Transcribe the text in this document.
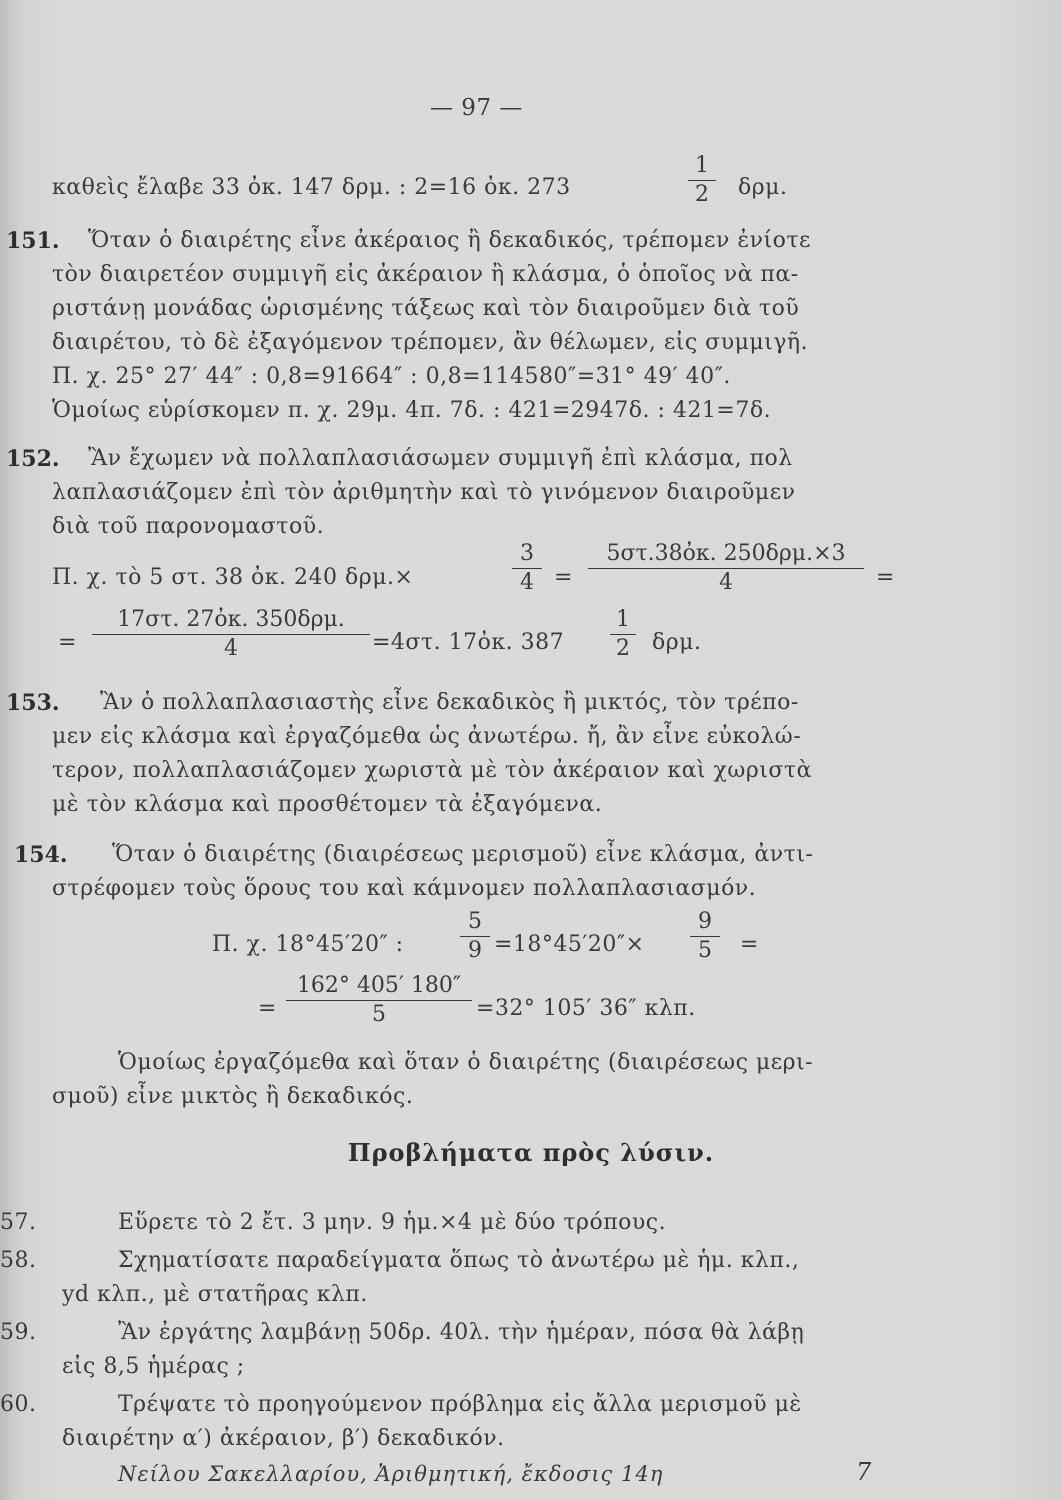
— 97 —
καθεὶς ἔλαβε 33 ὀκ. 147 δρμ. : 2=16 ὀκ. 273
1
2	δρμ.
151. Ὅταν ὁ διαιρέτης εἶνε ἀκέραιος ἢ δεκαδικός, τρέπομεν ἐνίοτε
τὸν διαιρετέον συμμιγῆ εἰς ἀκέραιον ἢ κλάσμα, ὁ ὁποῖος νὰ πα-
ριστάνῃ μονάδας ὡρισμένης τάξεως καὶ τὸν διαιροῦμεν διὰ τοῦ
διαιρέτου, τὸ δὲ ἐξαγόμενον τρέπομεν, ἂν θέλωμεν, εἰς συμμιγῆ.
Π. χ. 25° 27′ 44″ : 0,8=91664″ : 0,8=114580″=31° 49′ 40″.
Ὁμοίως εὑρίσκομεν π. χ. 29μ. 4π. 7δ. : 421=2947δ. : 421=7δ.
152. Ἂν ἔχωμεν νὰ πολλαπλασιάσωμεν συμμιγῆ ἐπὶ κλάσμα, πολ
λαπλασιάζομεν ἐπὶ τὸν ἀριθμητὴν καὶ τὸ γινόμενον διαιροῦμεν
διὰ τοῦ παρονομαστοῦ.
Π. χ. τὸ 5 στ. 38 ὀκ. 240 δρμ.×
3
4 =
5στ.38ὀκ. 250δρμ.×3
4	=
=
17στ. 27ὀκ. 350δρμ.
4	=4στ. 17ὀκ. 387
1
2 δρμ.
153. Ἂν ὁ πολλαπλασιαστὴς εἶνε δεκαδικὸς ἢ μικτός, τὸν τρέπο-
μεν εἰς κλάσμα καὶ ἐργαζόμεθα ὡς ἀνωτέρω. ἤ, ἂν εἶνε εὐκολώ-
τερον, πολλαπλασιάζομεν χωριστὰ μὲ τὸν ἀκέραιον καὶ χωριστὰ
μὲ τὸν κλάσμα καὶ προσθέτομεν τὰ ἐξαγόμενα.
154. Ὅταν ὁ διαιρέτης (διαιρέσεως μερισμοῦ) εἶνε κλάσμα, ἀντι-
στρέφομεν τοὺς ὅρους του καὶ κάμνομεν πολλαπλασιασμόν.
Π. χ. 18°45′20″ :
5
9 =18°45′20″×
9
5	=
=
162° 405′ 180″
5	=32° 105′ 36″ κλπ.
Ὁμοίως ἐργαζόμεθα καὶ ὅταν ὁ διαιρέτης (διαιρέσεως μερι-
σμοῦ) εἶνε μικτὸς ἢ δεκαδικός.
Προβλήματα πρὸς λύσιν.
57.	Εὕρετε τὸ 2 ἔτ. 3 μην. 9 ἡμ.×4 μὲ δύο τρόπους.
58.	Σχηματίσατε παραδείγματα ὅπως τὸ ἀνωτέρω μὲ ἡμ. κλπ.,
yd κλπ., μὲ στατῆρας κλπ.
59.	Ἂν ἐργάτης λαμβάνῃ 50δρ. 40λ. τὴν ἡμέραν, πόσα θὰ λάβῃ
εἰς 8,5 ἡμέρας ;
60.	Τρέψατε τὸ προηγούμενον πρόβλημα εἰς ἄλλα μερισμοῦ μὲ
διαιρέτην α′) ἀκέραιον, β′) δεκαδικόν.
Νείλου Σακελλαρίου, Ἀριθμητική, ἔκδοσις 14η	7
